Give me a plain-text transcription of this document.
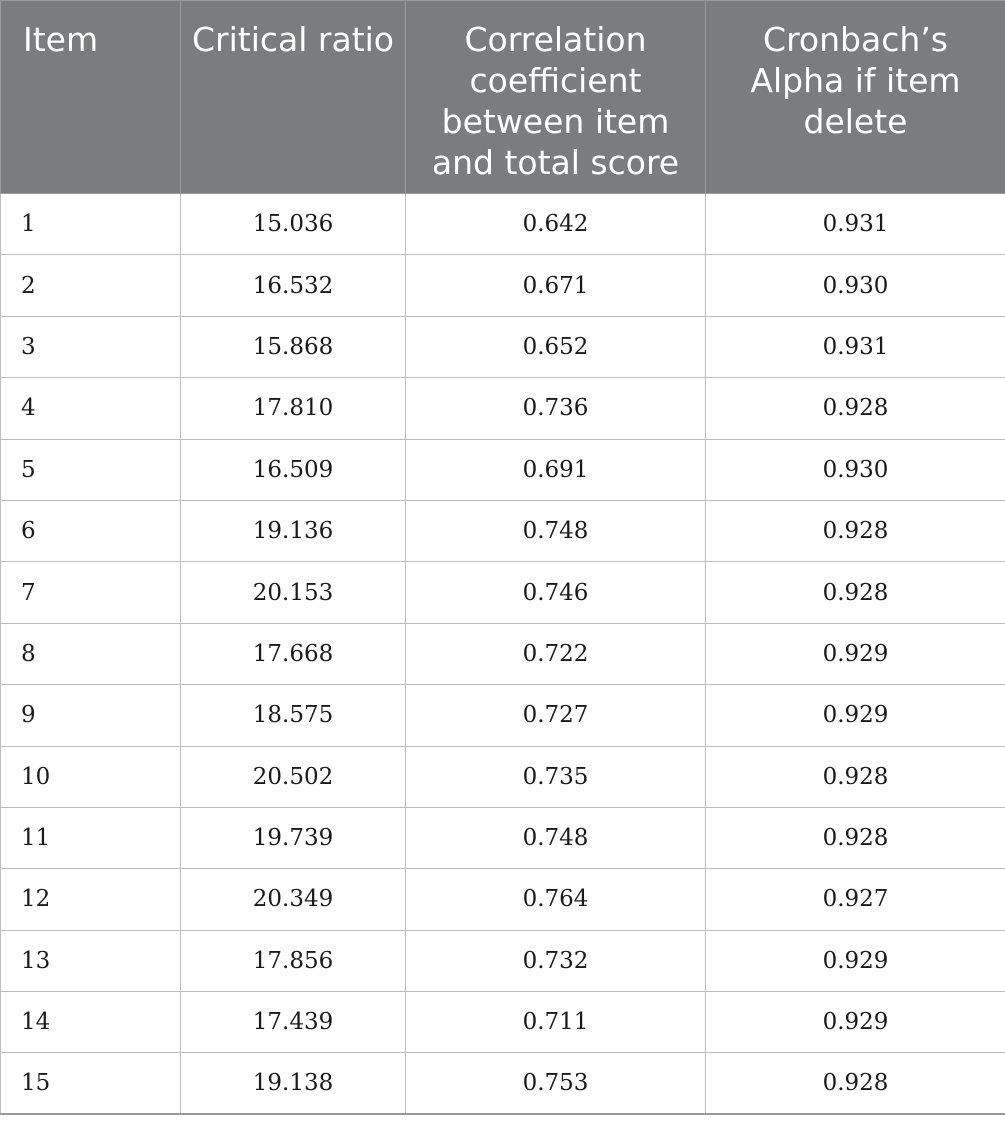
Item	Critical ratio	Correlation coefficient between item and total score	Cronbach’s Alpha if item delete
1	15.036	0.642	0.931
2	16.532	0.671	0.930
3	15.868	0.652	0.931
4	17.810	0.736	0.928
5	16.509	0.691	0.930
6	19.136	0.748	0.928
7	20.153	0.746	0.928
8	17.668	0.722	0.929
9	18.575	0.727	0.929
10	20.502	0.735	0.928
11	19.739	0.748	0.928
12	20.349	0.764	0.927
13	17.856	0.732	0.929
14	17.439	0.711	0.929
15	19.138	0.753	0.928
